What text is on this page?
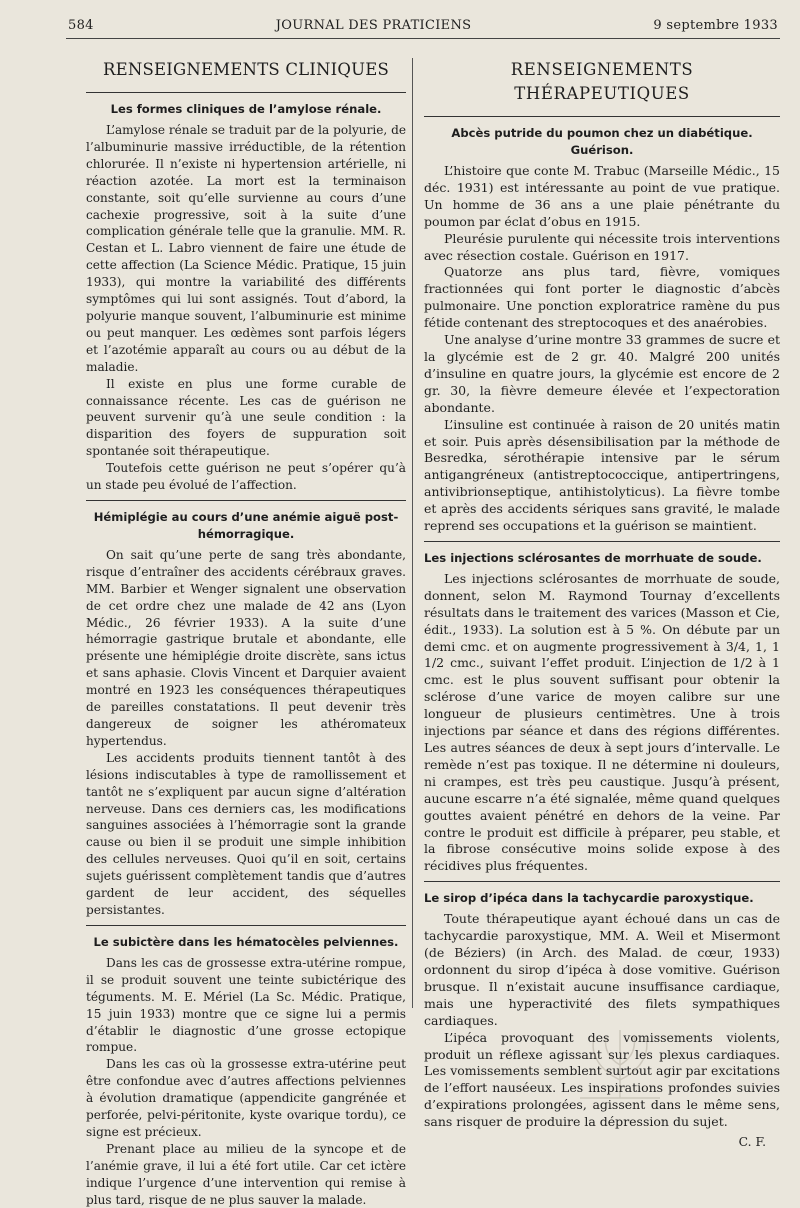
584	JOURNAL DES PRATICIENS	9 septembre 1933
RENSEIGNEMENTS CLINIQUES
Les formes cliniques de l’amylose rénale.

L’amylose rénale se traduit par de la polyurie, de l’albuminurie massive irréductible, de la rétention chlorurée. Il n’existe ni hypertension artérielle, ni réaction azotée. La mort est la terminaison constante, soit qu’elle survienne au cours d’une cachexie progressive, soit à la suite d’une complication générale telle que la granulie. MM. R. Cestan et L. Labro viennent de faire une étude de cette affection (La Science Médic. Pratique, 15 juin 1933), qui montre la variabilité des différents symptômes qui lui sont assignés. Tout d’abord, la polyurie manque souvent, l’albuminurie est minime ou peut manquer. Les œdèmes sont parfois légers et l’azotémie apparaît au cours ou au début de la maladie.

Il existe en plus une forme curable de connaissance récente. Les cas de guérison ne peuvent survenir qu’à une seule condition : la disparition des foyers de suppuration soit spontanée soit thérapeutique.

Toutefois cette guérison ne peut s’opérer qu’à un stade peu évolué de l’affection.

Hémiplégie au cours d’une anémie aiguë post-hémorragique.

On sait qu’une perte de sang très abondante, risque d’entraîner des accidents cérébraux graves. MM. Barbier et Wenger signalent une observation de cet ordre chez une malade de 42 ans (Lyon Médic., 26 février 1933). A la suite d’une hémorragie gastrique brutale et abondante, elle présente une hémiplégie droite discrète, sans ictus et sans aphasie. Clovis Vincent et Darquier avaient montré en 1923 les conséquences thérapeutiques de pareilles constatations. Il peut devenir très dangereux de soigner les athéromateux hypertendus.

Les accidents produits tiennent tantôt à des lésions indiscutables à type de ramollissement et tantôt ne s’expliquent par aucun signe d’altération nerveuse. Dans ces derniers cas, les modifications sanguines associées à l’hémorragie sont la grande cause ou bien il se produit une simple inhibition des cellules nerveuses. Quoi qu’il en soit, certains sujets guérissent complètement tandis que d’autres gardent de leur accident, des séquelles persistantes.

Le subictère dans les hématocèles pelviennes.

Dans les cas de grossesse extra-utérine rompue, il se produit souvent une teinte subictérique des téguments. M. E. Mériel (La Sc. Médic. Pratique, 15 juin 1933) montre que ce signe lui a permis d’établir le diagnostic d’une grosse ectopique rompue.

Dans les cas où la grossesse extra-utérine peut être confondue avec d’autres affections pelviennes à évolution dramatique (appendicite gangrénée et perforée, pelvi-péritonite, kyste ovarique tordu), ce signe est précieux.

Prenant place au milieu de la syncope et de l’anémie grave, il lui a été fort utile. Car cet ictère indique l’urgence d’une intervention qui remise à plus tard, risque de ne plus sauver la malade.

RENSEIGNEMENTS THÉRAPEUTIQUES
Abcès putride du poumon chez un diabétique. Guérison.

L’histoire que conte M. Trabuc (Marseille Médic., 15 déc. 1931) est intéressante au point de vue pratique. Un homme de 36 ans a une plaie pénétrante du poumon par éclat d’obus en 1915.

Pleurésie purulente qui nécessite trois interventions avec résection costale. Guérison en 1917.

Quatorze ans plus tard, fièvre, vomiques fractionnées qui font porter le diagnostic d’abcès pulmonaire. Une ponction exploratrice ramène du pus fétide contenant des streptocoques et des anaérobies.

Une analyse d’urine montre 33 grammes de sucre et la glycémie est de 2 gr. 40. Malgré 200 unités d’insuline en quatre jours, la glycémie est encore de 2 gr. 30, la fièvre demeure élevée et l’expectoration abondante.

L’insuline est continuée à raison de 20 unités matin et soir. Puis après désensibilisation par la méthode de Besredka, sérothérapie intensive par le sérum antigangréneux (antistreptococcique, antipertringens, antivibrionseptique, antihistolyticus). La fièvre tombe et après des accidents sériques sans gravité, le malade reprend ses occupations et la guérison se maintient.

Les injections sclérosantes de morrhuate de soude.

Les injections sclérosantes de morrhuate de soude, donnent, selon M. Raymond Tournay d’excellents résultats dans le traitement des varices (Masson et Cie, édit., 1933). La solution est à 5 %. On débute par un demi cmc. et on augmente progressivement à 3/4, 1, 1 1/2 cmc., suivant l’effet produit. L’injection de 1/2 à 1 cmc. est le plus souvent suffisant pour obtenir la sclérose d’une varice de moyen calibre sur une longueur de plusieurs centimètres. Une à trois injections par séance et dans des régions différentes. Les autres séances de deux à sept jours d’intervalle. Le remède n’est pas toxique. Il ne détermine ni douleurs, ni crampes, est très peu caustique. Jusqu’à présent, aucune escarre n’a été signalée, même quand quelques gouttes avaient pénétré en dehors de la veine. Par contre le produit est difficile à préparer, peu stable, et la fibrose consécutive moins solide expose à des récidives plus fréquentes.

Le sirop d’ipéca dans la tachycardie paroxystique.

Toute thérapeutique ayant échoué dans un cas de tachycardie paroxystique, MM. A. Weil et Misermont (de Béziers) (in Arch. des Malad. de cœur, 1933) ordonnent du sirop d’ipéca à dose vomitive. Guérison brusque. Il n’existait aucune insuffisance cardiaque, mais une hyperactivité des filets sympathiques cardiaques.

L’ipéca provoquant des vomissements violents, produit un réflexe agissant sur les plexus cardiaques. Les vomissements semblent surtout agir par excitations de l’effort nauséeux. Les inspirations profondes suivies d’expirations prolongées, agissent dans le même sens, sans risquer de produire la dépression du sujet.

C. F.
